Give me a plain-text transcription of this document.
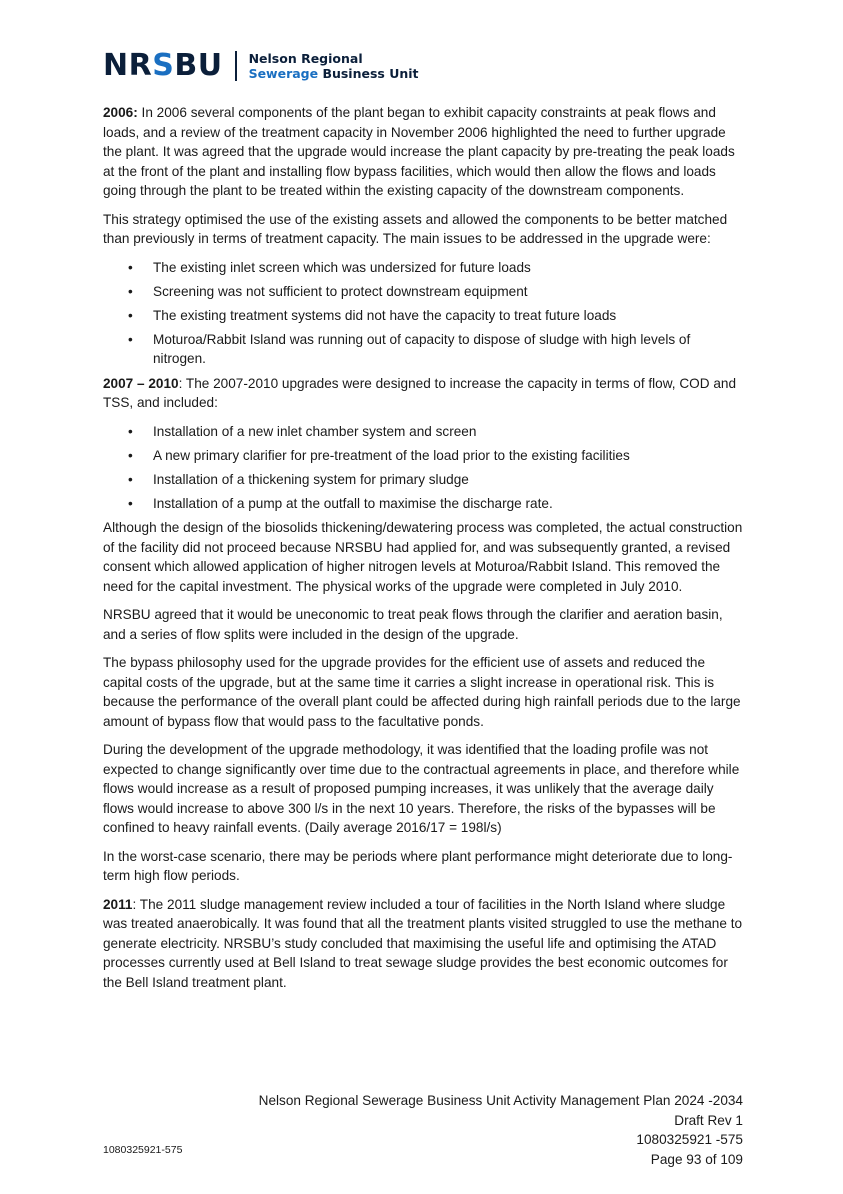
NRSBU Nelson Regional
Sewerage Business Unit

2006: In 2006 several components of the plant began to exhibit capacity constraints at peak flows and loads, and a review of the treatment capacity in November 2006 highlighted the need to further upgrade the plant. It was agreed that the upgrade would increase the plant capacity by pre-treating the peak loads at the front of the plant and installing flow bypass facilities, which would then allow the flows and loads going through the plant to be treated within the existing capacity of the downstream components.

This strategy optimised the use of the existing assets and allowed the components to be better matched than previously in terms of treatment capacity. The main issues to be addressed in the upgrade were:

• The existing inlet screen which was undersized for future loads
• Screening was not sufficient to protect downstream equipment
• The existing treatment systems did not have the capacity to treat future loads
• Moturoa/Rabbit Island was running out of capacity to dispose of sludge with high levels of nitrogen.

2007 – 2010: The 2007-2010 upgrades were designed to increase the capacity in terms of flow, COD and TSS, and included:

• Installation of a new inlet chamber system and screen
• A new primary clarifier for pre-treatment of the load prior to the existing facilities
• Installation of a thickening system for primary sludge
• Installation of a pump at the outfall to maximise the discharge rate.

Although the design of the biosolids thickening/dewatering process was completed, the actual construction of the facility did not proceed because NRSBU had applied for, and was subsequently granted, a revised consent which allowed application of higher nitrogen levels at Moturoa/Rabbit Island. This removed the need for the capital investment. The physical works of the upgrade were completed in July 2010.

NRSBU agreed that it would be uneconomic to treat peak flows through the clarifier and aeration basin, and a series of flow splits were included in the design of the upgrade.

The bypass philosophy used for the upgrade provides for the efficient use of assets and reduced the capital costs of the upgrade, but at the same time it carries a slight increase in operational risk. This is because the performance of the overall plant could be affected during high rainfall periods due to the large amount of bypass flow that would pass to the facultative ponds.

During the development of the upgrade methodology, it was identified that the loading profile was not expected to change significantly over time due to the contractual agreements in place, and therefore while flows would increase as a result of proposed pumping increases, it was unlikely that the average daily flows would increase to above 300 l/s in the next 10 years. Therefore, the risks of the bypasses will be confined to heavy rainfall events. (Daily average 2016/17 = 198l/s)

In the worst-case scenario, there may be periods where plant performance might deteriorate due to long-term high flow periods.

2011: The 2011 sludge management review included a tour of facilities in the North Island where sludge was treated anaerobically. It was found that all the treatment plants visited struggled to use the methane to generate electricity. NRSBU’s study concluded that maximising the useful life and optimising the ATAD processes currently used at Bell Island to treat sewage sludge provides the best economic outcomes for the Bell Island treatment plant.

Nelson Regional Sewerage Business Unit Activity Management Plan 2024 -2034
Draft Rev 1
1080325921 -575
Page 93 of 109
1080325921-575
